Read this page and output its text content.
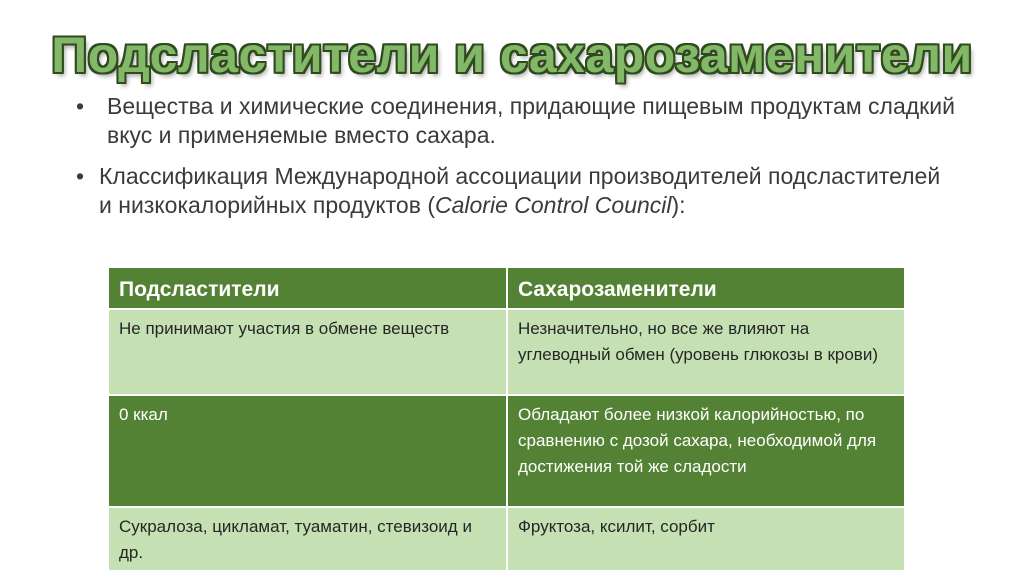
Подсластители и сахарозаменители
• Вещества и химические соединения, придающие пищевым продуктам сладкий вкус и применяемые вместо сахара.
• Классификация Международной ассоциации производителей подсластителей и низкокалорийных продуктов (Calorie Control Council):
Подсластители	Сахарозаменители
Не принимают участия в обмене веществ	Незначительно, но все же влияют на углеводный обмен (уровень глюкозы в крови)
0 ккал	Обладают более низкой калорийностью, по сравнению с дозой сахара, необходимой для достижения той же сладости
Сукралоза, цикламат, туаматин, стевизоид и др.	Фруктоза, ксилит, сорбит
